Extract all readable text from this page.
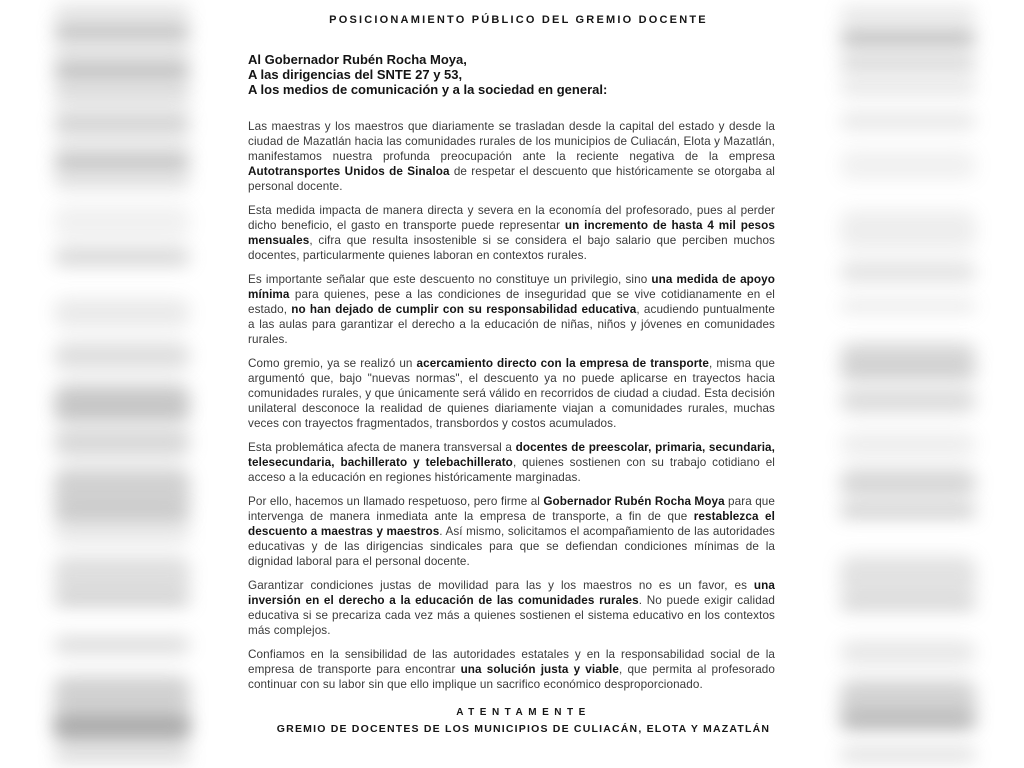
POSICIONAMIENTO PÚBLICO DEL GREMIO DOCENTE
Al Gobernador Rubén Rocha Moya,
A las dirigencias del SNTE 27 y 53,
A los medios de comunicación y a la sociedad en general:

Las maestras y los maestros que diariamente se trasladan desde la capital del estado y desde la ciudad de Mazatlán hacia las comunidades rurales de los municipios de Culiacán, Elota y Mazatlán, manifestamos nuestra profunda preocupación ante la reciente negativa de la empresa Autotransportes Unidos de Sinaloa de respetar el descuento que históricamente se otorgaba al personal docente.

Esta medida impacta de manera directa y severa en la economía del profesorado, pues al perder dicho beneficio, el gasto en transporte puede representar un incremento de hasta 4 mil pesos mensuales, cifra que resulta insostenible si se considera el bajo salario que perciben muchos docentes, particularmente quienes laboran en contextos rurales.

Es importante señalar que este descuento no constituye un privilegio, sino una medida de apoyo mínima para quienes, pese a las condiciones de inseguridad que se vive cotidianamente en el estado, no han dejado de cumplir con su responsabilidad educativa, acudiendo puntualmente a las aulas para garantizar el derecho a la educación de niñas, niños y jóvenes en comunidades rurales.

Como gremio, ya se realizó un acercamiento directo con la empresa de transporte, misma que argumentó que, bajo "nuevas normas", el descuento ya no puede aplicarse en trayectos hacia comunidades rurales, y que únicamente será válido en recorridos de ciudad a ciudad. Esta decisión unilateral desconoce la realidad de quienes diariamente viajan a comunidades rurales, muchas veces con trayectos fragmentados, transbordos y costos acumulados.

Esta problemática afecta de manera transversal a docentes de preescolar, primaria, secundaria, telesecundaria, bachillerato y telebachillerato, quienes sostienen con su trabajo cotidiano el acceso a la educación en regiones históricamente marginadas.

Por ello, hacemos un llamado respetuoso, pero firme al Gobernador Rubén Rocha Moya para que intervenga de manera inmediata ante la empresa de transporte, a fin de que restablezca el descuento a maestras y maestros. Así mismo, solicitamos el acompañamiento de las autoridades educativas y de las dirigencias sindicales para que se defiendan condiciones mínimas de la dignidad laboral para el personal docente.

Garantizar condiciones justas de movilidad para las y los maestros no es un favor, es una inversión en el derecho a la educación de las comunidades rurales. No puede exigir calidad educativa si se precariza cada vez más a quienes sostienen el sistema educativo en los contextos más complejos.

Confiamos en la sensibilidad de las autoridades estatales y en la responsabilidad social de la empresa de transporte para encontrar una solución justa y viable, que permita al profesorado continuar con su labor sin que ello implique un sacrifico económico desproporcionado.

ATENTAMENTE
GREMIO DE DOCENTES DE LOS MUNICIPIOS DE CULIACÁN, ELOTA Y MAZATLÁN
